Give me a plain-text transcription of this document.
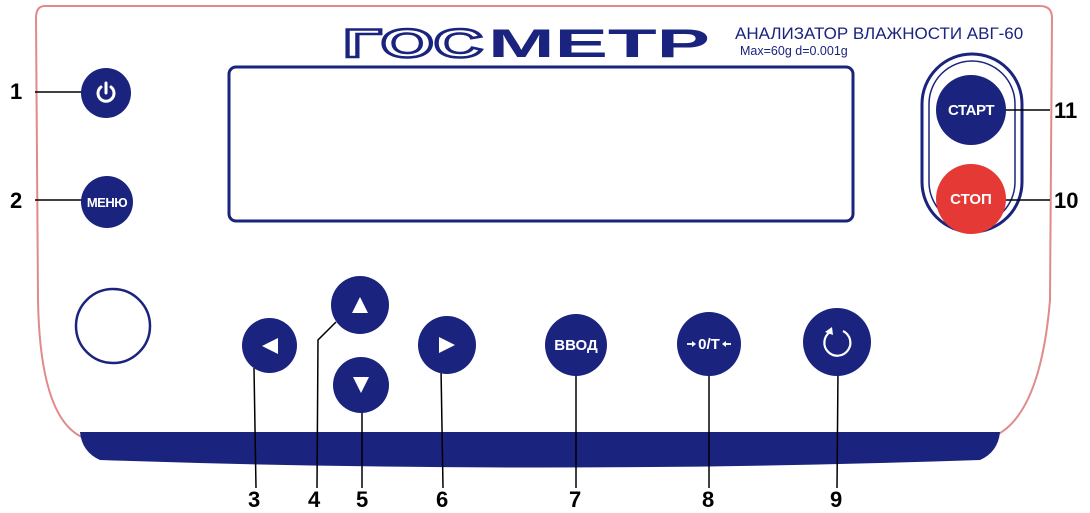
ГОС МЕТР АНАЛИЗАТОР ВЛАЖНОСТИ АВГ-60
Max=60g d=0.001g
МЕНЮ
ВВОД	0/T
СТАРТ
СТОП
1
2
3 4 5	6	7	8	9
10
11
